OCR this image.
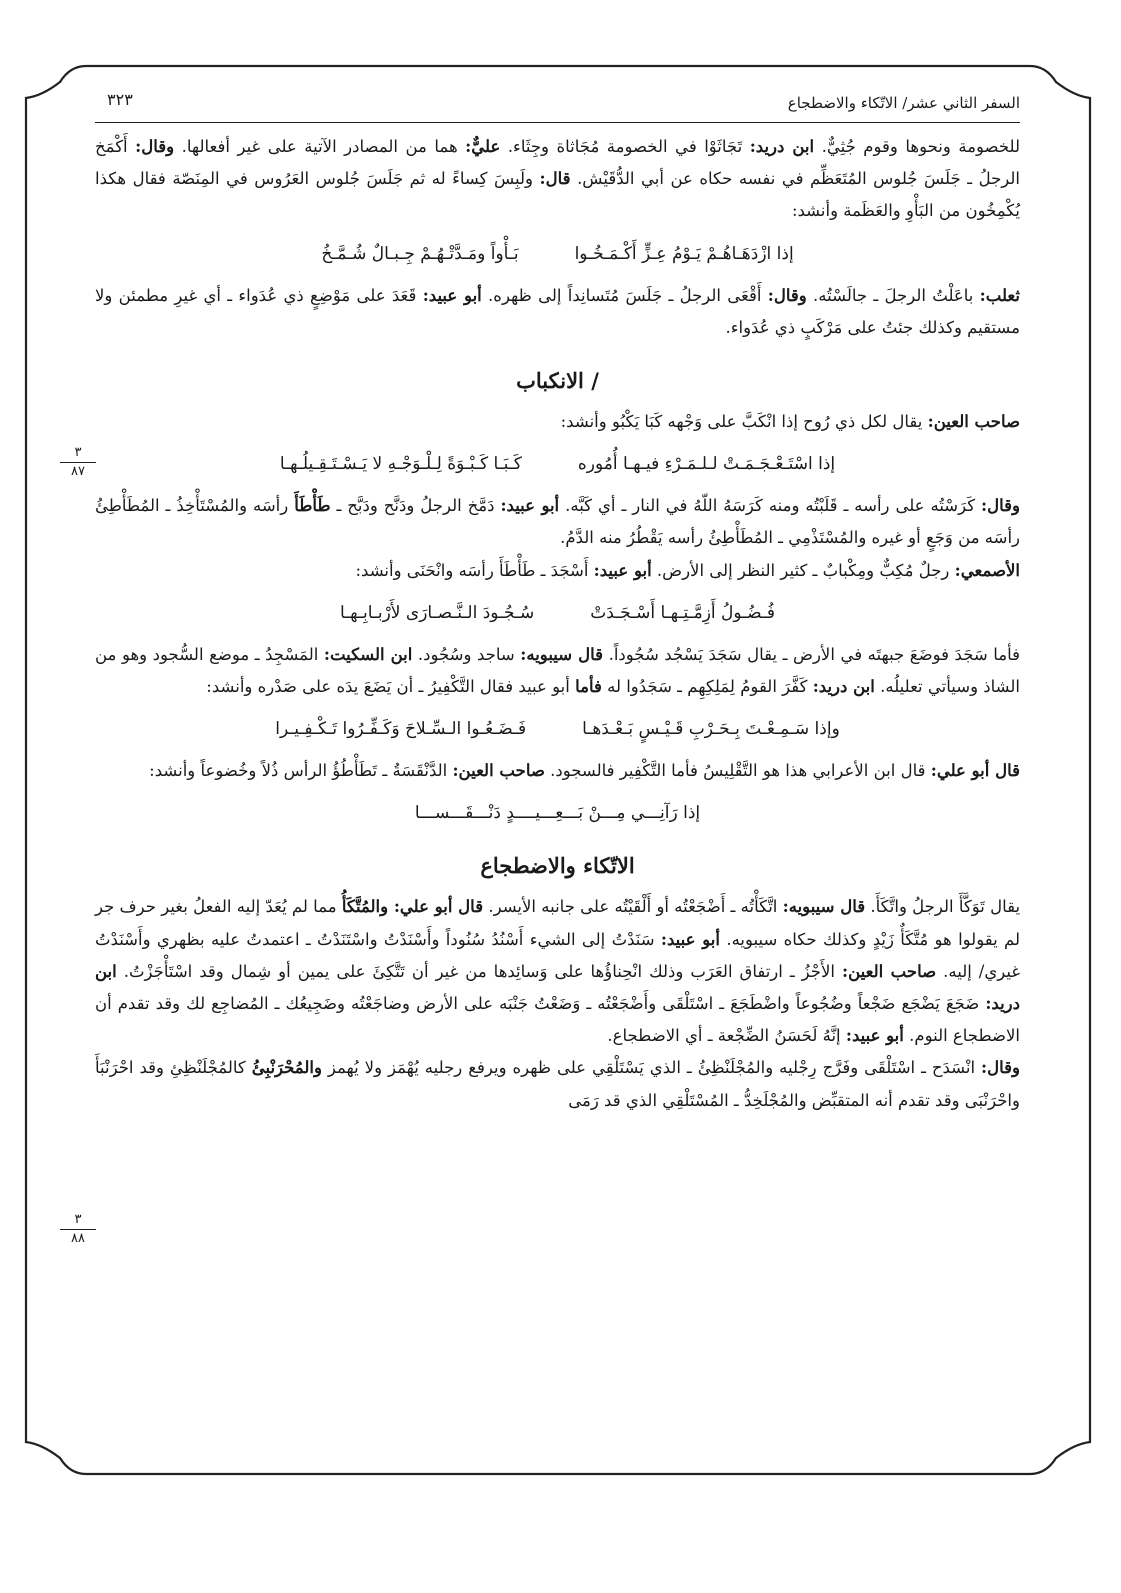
٣
٨٧
٣
٨٨
السفر الثاني عشر/ الاتّكاء والاضطجاع
٣٢٣

للخصومة ونحوها وقوم جُثِيٌّ. ابن دريد: تَجَاثَوْا في الخصومة مُجَاثاة وجِثَاء. عليٌّ: هما من المصادر الآتية على غير أفعالها. وقال: أَكْمَخ الرجلُ ـ جَلَسَ جُلوس المُتَعَظِّم في نفسه حكاه عن أبي الدُّقَيْش. قال: ولَبِسَ كِساءً له ثم جَلَسَ جُلوس العَرُوس في المِنَصّة فقال هكذا يُكْمِخُون من البَأْوِ والعَظَمة وأنشد:

إذا ازْدَهَـاهُـمْ يَـوْمُ عِـزٍّ أَكْـمَـخُـوا
بَـأْواً ومَـدَّتْـهُـمْ جِـبـالٌ شُـمَّـخُ

ثعلب: باعَلْتُ الرجلَ ـ جالَسْتُه. وقال: أَقْعَى الرجلُ ـ جَلَسَ مُتَسانِداً إلى ظهره. أبو عبيد: قَعَدَ على مَوْضِعٍ ذي عُدَواء ـ أي غيرِ مطمئن ولا مستقيم وكذلك جئتُ على مَرْكَبٍ ذي عُدَواء.

/ الانكباب

صاحب العين: يقال لكل ذي رُوح إذا انْكَبَّ على وَجْهه كَبَا يَكْبُو وأنشد:

إذا اسْتَـعْـجَـمَـتْ لـلـمَـرْءِ فيـهـا أُمُوره
كَـبَـا كَـبْـوَةً لِـلْـوَجْـهِ لا يَـسْـتَـقِـيلُـهـا

وقال: كَرَسْتُه على رأسه ـ قَلَبْتُه ومنه كَرَسَهُ اللّهُ في النار ـ أي كَبَّه. أبو عبيد: دَمَّخ الرجلُ ودَنَّح ودَبَّح ـ طَأْطَأَ رأسَه والمُسْتَأْخِذُ ـ المُطَأْطِئُ رأسَه من وَجَعٍ أو غيره والمُسْتَذْمِي ـ المُطَأْطِئُ رأسه يَقْطُرُ منه الدَّمُ.
الأصمعي: رجلٌ مُكِبٌّ ومِكْبابٌ ـ كثير النظر إلى الأرض. أبو عبيد: أَسْجَدَ ـ طَأْطَأَ رأسَه وانْحَنَى وأنشد:

فُـضُـولُ أَزِمَّـتِـهـا أَسْـجَـدَتْ
سُـجُـودَ الـنَّـصـارَى لأَرْبـابِـهـا

فأما سَجَدَ فوضَعَ جبهتَه في الأرض ـ يقال سَجَدَ يَسْجُد سُجُوداً. قال سيبويه: ساجد وسُجُود. ابن السكيت: المَسْجِدُ ـ موضع السُّجود وهو من الشاذ وسيأتي تعليلُه. ابن دريد: كَفَّرَ القومُ لِمَلِكِهِم ـ سَجَدُوا له فأما أبو عبيد فقال التَّكْفِيرُ ـ أن يَضَعَ يدَه على صَدْره وأنشد:

وإذا سَـمِـعْـتَ بِـحَـرْبِ قَـيْـسٍ بَـعْـدَهـا
فَـضَـعُـوا الـسِّـلاحَ وَكَـفِّـرُوا تَـكْـفِـيـرا

قال أبو علي: قال ابن الأعرابي هذا هو التَّقْلِيسُ فأما التَّكْفِير فالسجود. صاحب العين: الدَّنْقَسَةُ ـ تَطَأْطُؤُ الرأس ذُلاً وخُضوعاً وأنشد:

إذا رَآنِـــي مِـــنْ بَـــعِـــيــــدٍ دَنْـــقَـــســـا
الاتّكاء والاضطجاع

يقال تَوَكَّأَ الرجلُ واتَّكَأَ. قال سيبويه: اتَّكَأْتُه ـ أَضْجَعْتُه أو أَلْقَيْتُه على جانبه الأيسر. قال أبو علي: والمُتَّكَأُ مما لم يُعَدّ إليه الفعلُ بغير حرف جر لم يقولوا هو مُتَّكَأٌ زَيْدٍ وكذلك حكاه سيبويه. أبو عبيد: سَنَدْتُ إلى الشيء أَسْنُدُ سُنُوداً وأَسْنَدْتُ واسْتَنَدْتُ ـ اعتمدتُ عليه بظهري وأَسْنَدْتُ غيري/ إليه. صاحب العين: الأَجْزُ ـ ارتفاق العَرَب وذلك انْحِناؤُها على وَسائِدها من غير أن تَتَّكِئَ على يمين أو شِمال وقد اسْتَأْجَزْتُ. ابن دريد: ضَجَعَ يَضْجَع ضَجْعاً وضُجُوعاً واضْطَجَعَ ـ اسْتَلْقَى وأَضْجَعْتُه ـ وَضَعْتُ جَنْبَه على الأرض وضاجَعْتُه وضَجِيعُك ـ المُضاجِع لك وقد تقدم أن الاضطجاع النوم. أبو عبيد: إنَّهُ لَحَسَنُ الضِّجْعة ـ أي الاضطجاع.

وقال: انْسَدَح ـ اسْتَلْقَى وفَرَّج رِجْليه والمُجْلَنْظِئُ ـ الذي يَسْتَلْقِي على ظهره ويرفع رجليه يُهْمَز ولا يُهمز والمُحْرَنْبِئُ كالمُجْلَنْظِئِ وقد احْرَنْبَأَ واحْرَنْبَى وقد تقدم أنه المتقبِّض والمُجْلَخِدُّ ـ المُسْتَلْقِي الذي قد رَمَى
